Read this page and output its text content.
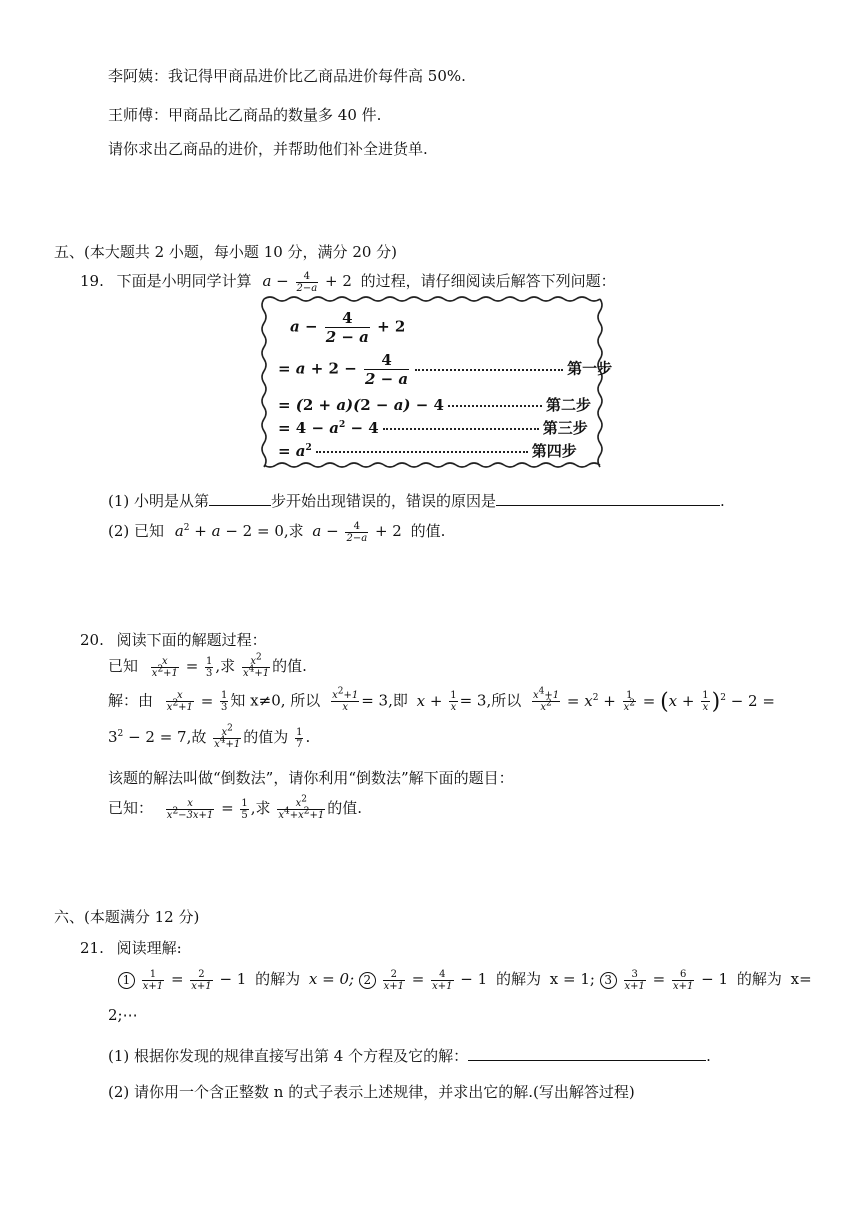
李阿姨：我记得甲商品进价比乙商品进价每件高 50%.
王师傅：甲商品比乙商品的数量多 40 件.
请你求出乙商品的进价，并帮助他们补全进货单.
五、(本大题共 2 小题，每小题 10 分，满分 20 分)
19. 下面是小明同学计算 $a - \frac{4}{2-a} + 2$ 的过程，请仔细阅读后解答下列问题：
$a - \frac{4}{2 - a} + 2$
= $a + 2 - \frac{4}{2 - a}$	第一步
= (2 + a)(2 − a) − 4	第二步
= $4 - a^2 - 4$	第三步
= $a^2$	第四步
(1) 小明是从第	步开始出现错误的，错误的原因是	.
(2) 已知 $a^2 + a - 2 = 0$,求 $a - \frac{4}{2-a} + 2$ 的值.
20. 阅读下面的解题过程：
已知 $\frac{x}{x^2+1} = \frac{1}{3}$ ,求 $\frac{x^2}{x^4+1}$ 的值.
解：由 $\frac{x}{x^2+1} = \frac{1}{3}$ 知 x≠0, 所以 $\frac{x^2+1}{x} = 3$,即 $x + \frac{1}{x} = 3$,所以 $\frac{x^4+1}{x^2} = x^2 + \frac{1}{x^2} = (x + \frac{1}{x} )^2 - 2$ =
$3^2 - 2 = 7$,故 $\frac{x^2}{x^4+1}$ 的值为 $\frac{1}{7}$ .
该题的解法叫做“倒数法”，请你利用“倒数法”解下面的题目：
已知： $\frac{x}{x^2-3x+1} = \frac{1}{5}$ ,求 $\frac{x^2}{x^4+x^2+1}$ 的值.
六、(本题满分 12 分)
21. 阅读理解:
$1 \frac{1}{x+1} = \frac{2}{x+1} - 1$ 的解为 x = 0; $2 \frac{2}{x+1} = \frac{4}{x+1} - 1$ 的解为 x = 1; $3 \frac{3}{x+1} = \frac{6}{x+1} - 1$ 的解为 x=
2;⋯
(1) 根据你发现的规律直接写出第 4 个方程及它的解：	.
(2) 请你用一个含正整数 n 的式子表示上述规律，并求出它的解.(写出解答过程)
